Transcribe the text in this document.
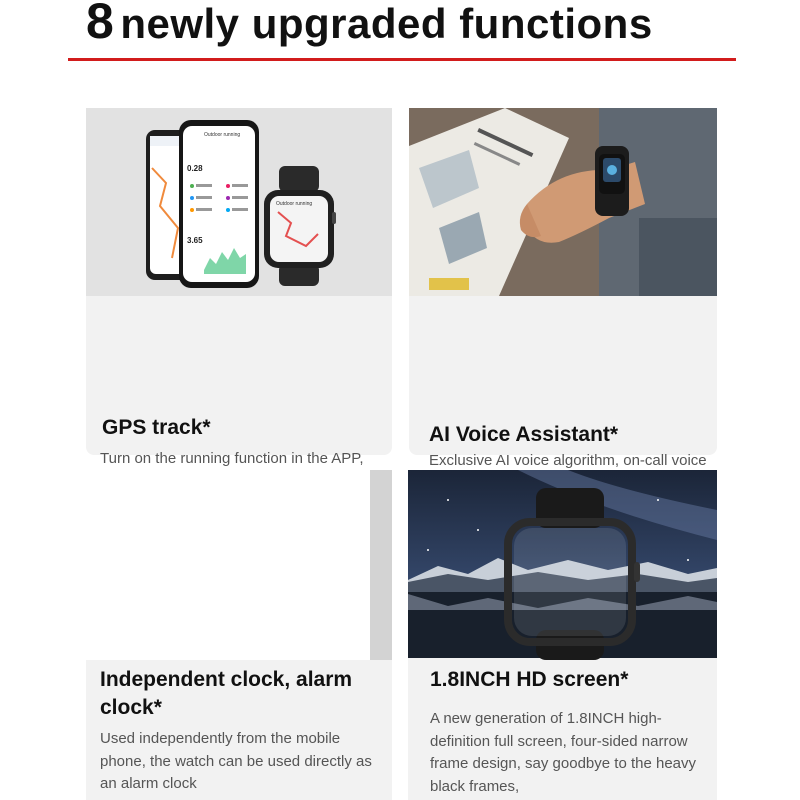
8 newly upgraded functions
Outdoor running
0.28
3.65
Outdoor running
GPS track*

Turn on the running function in the APP,

AI Voice Assistant*

Exclusive AI voice algorithm, on-call voice

Independent clock, alarm clock*

Used independently from the mobile phone, the watch can be used directly as an alarm clock

1.8INCH HD screen*

A new generation of 1.8INCH high-definition full screen, four-sided narrow frame design, say goodbye to the heavy black frames,
